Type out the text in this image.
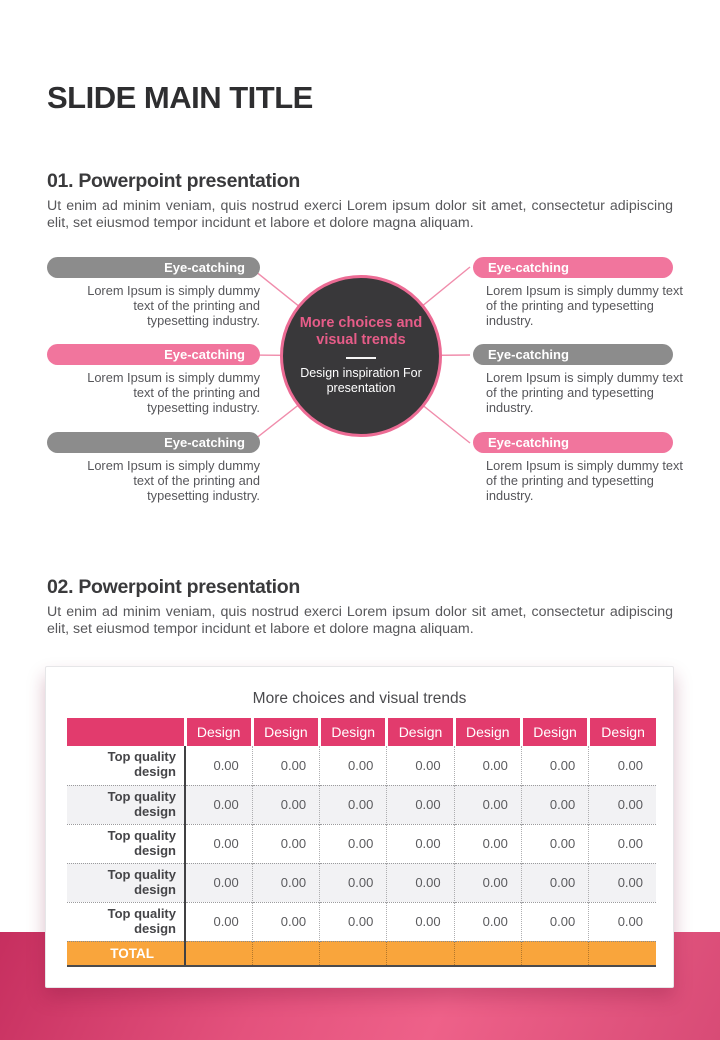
SLIDE MAIN TITLE
01. Powerpoint presentation

Ut enim ad minim veniam, quis nostrud exerci Lorem ipsum dolor sit amet, consectetur adipiscing elit, set eiusmod tempor incidunt et labore et dolore magna aliquam.

Eye-catching
Lorem Ipsum is simply dummy text of the printing and typesetting industry.
Eye-catching
Lorem Ipsum is simply dummy text of the printing and typesetting industry.
Eye-catching
Lorem Ipsum is simply dummy text of the printing and typesetting industry.
Eye-catching
Lorem Ipsum is simply dummy text of the printing and typesetting industry.
Eye-catching
Lorem Ipsum is simply dummy text of the printing and typesetting industry.
Eye-catching
Lorem Ipsum is simply dummy text of the printing and typesetting industry.
More choices and visual trends
Design inspiration For presentation
02. Powerpoint presentation

Ut enim ad minim veniam, quis nostrud exerci Lorem ipsum dolor sit amet, consectetur adipiscing elit, set eiusmod tempor incidunt et labore et dolore magna aliquam.

More choices and visual trends
	Design	Design	Design	Design	Design	Design	Design
Top quality design	0.00	0.00	0.00	0.00	0.00	0.00	0.00
Top quality design	0.00	0.00	0.00	0.00	0.00	0.00	0.00
Top quality design	0.00	0.00	0.00	0.00	0.00	0.00	0.00
Top quality design	0.00	0.00	0.00	0.00	0.00	0.00	0.00
Top quality design	0.00	0.00	0.00	0.00	0.00	0.00	0.00
TOTAL							
